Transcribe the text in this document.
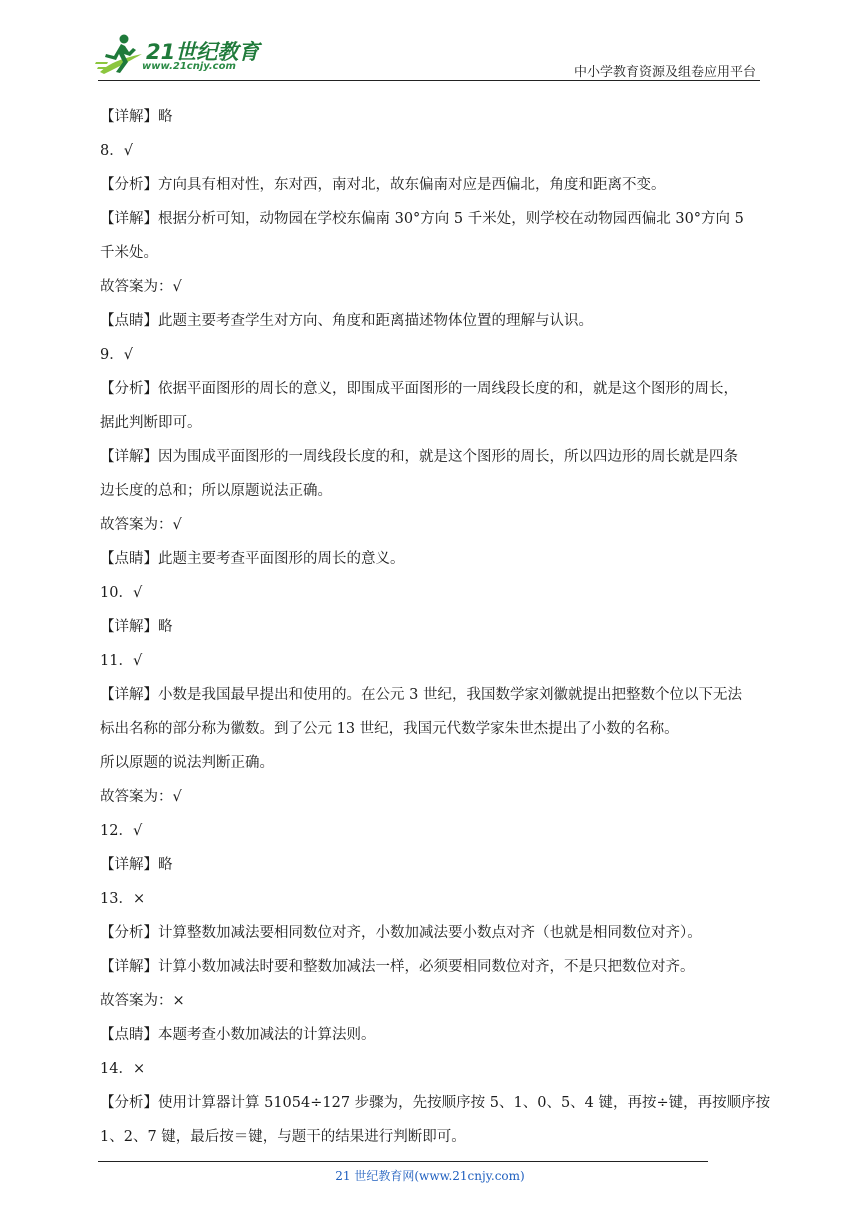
21世纪教育
www.21cnjy.com	中小学教育资源及组卷应用平台
【详解】略
8．√
【分析】方向具有相对性，东对西，南对北，故东偏南对应是西偏北，角度和距离不变。
【详解】根据分析可知，动物园在学校东偏南 30°方向 5 千米处，则学校在动物园西偏北 30°方向 5
千米处。
故答案为：√
【点睛】此题主要考查学生对方向、角度和距离描述物体位置的理解与认识。
9．√
【分析】依据平面图形的周长的意义，即围成平面图形的一周线段长度的和，就是这个图形的周长，
据此判断即可。
【详解】因为围成平面图形的一周线段长度的和，就是这个图形的周长，所以四边形的周长就是四条
边长度的总和；所以原题说法正确。
故答案为：√
【点睛】此题主要考查平面图形的周长的意义。
10．√
【详解】略
11．√
【详解】小数是我国最早提出和使用的。在公元 3 世纪，我国数学家刘徽就提出把整数个位以下无法
标出名称的部分称为徽数。到了公元 13 世纪，我国元代数学家朱世杰提出了小数的名称。
所以原题的说法判断正确。
故答案为：√
12．√
【详解】略
13．×
【分析】计算整数加减法要相同数位对齐，小数加减法要小数点对齐（也就是相同数位对齐）。
【详解】计算小数加减法时要和整数加减法一样，必须要相同数位对齐，不是只把数位对齐。
故答案为：×
【点睛】本题考查小数加减法的计算法则。
14．×
【分析】使用计算器计算 51054÷127 步骤为，先按顺序按 5、1、0、5、4 键，再按÷键，再按顺序按
1、2、7 键，最后按＝键，与题干的结果进行判断即可。
21 世纪教育网(www.21cnjy.com)
